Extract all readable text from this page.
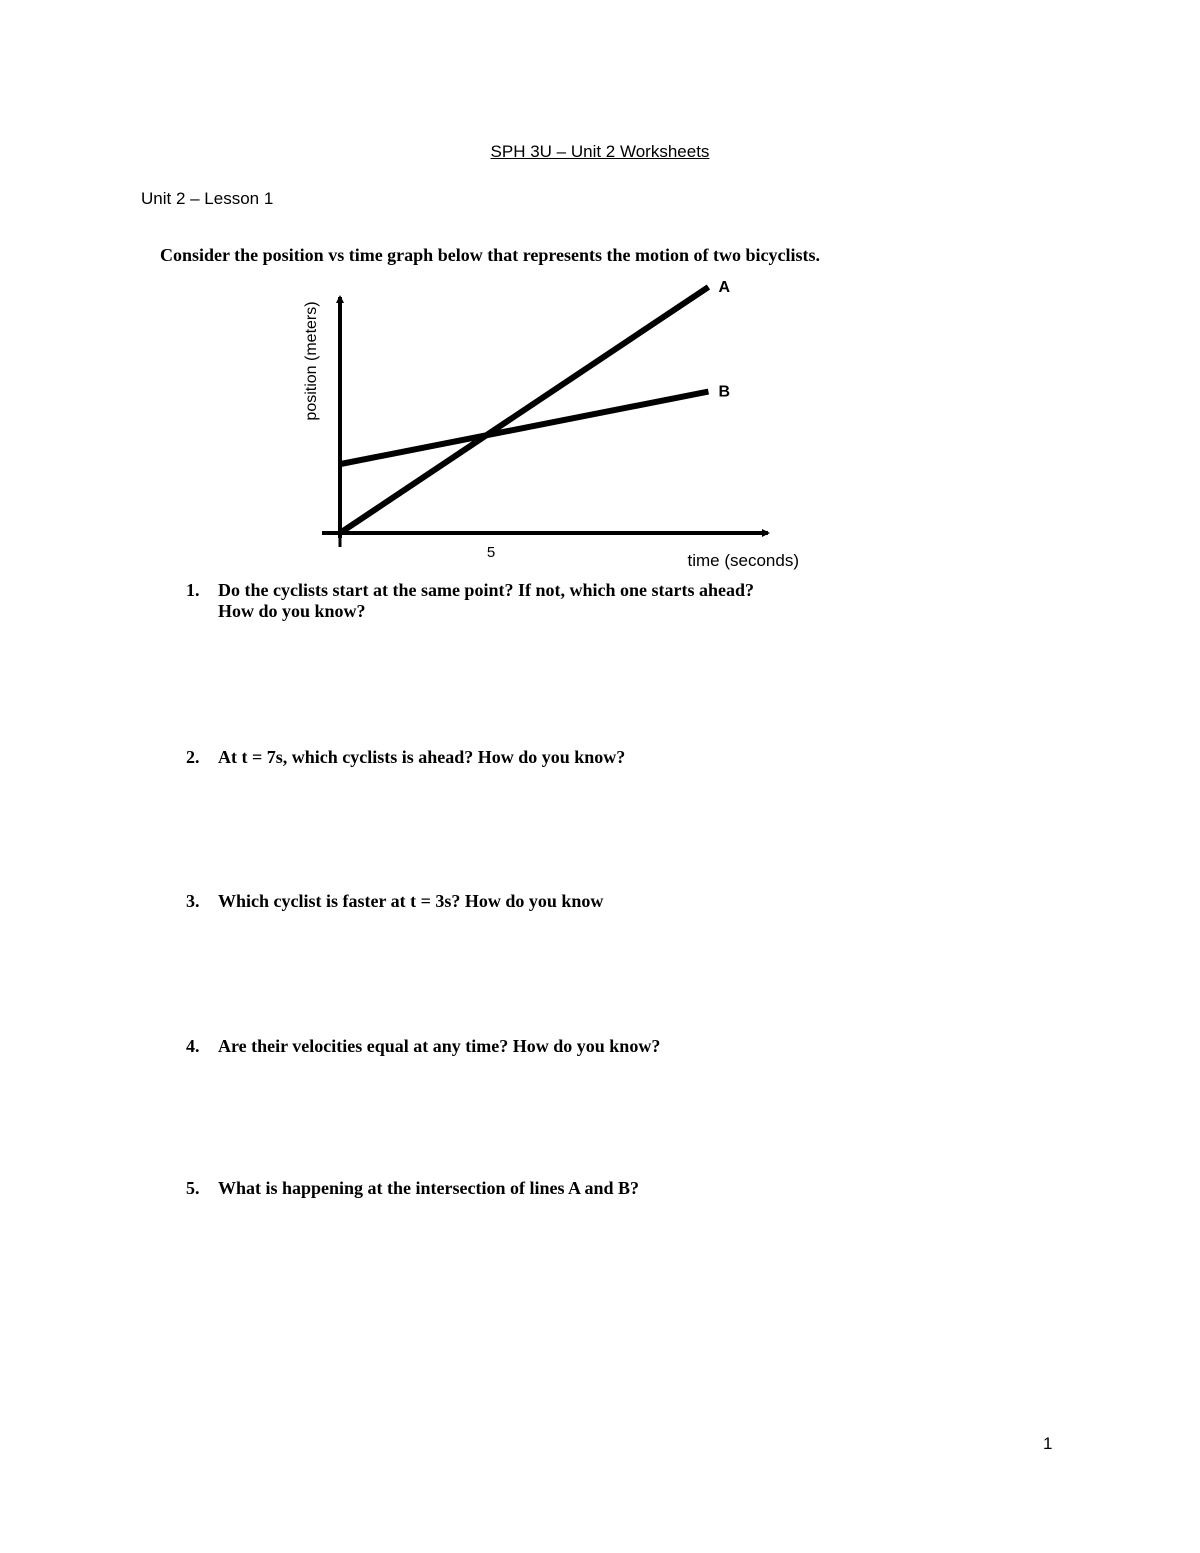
SPH 3U – Unit 2 Worksheets
Unit 2 – Lesson 1
Consider the position vs time graph below that represents the motion of two bicyclists.
A
B
5	time (seconds)
position (meters)
1. Do the cyclists start at the same point? If not, which one starts ahead?
How do you know?
2. At t = 7s, which cyclists is ahead? How do you know?
3. Which cyclist is faster at t = 3s? How do you know
4. Are their velocities equal at any time? How do you know?
5. What is happening at the intersection of lines A and B?
1
